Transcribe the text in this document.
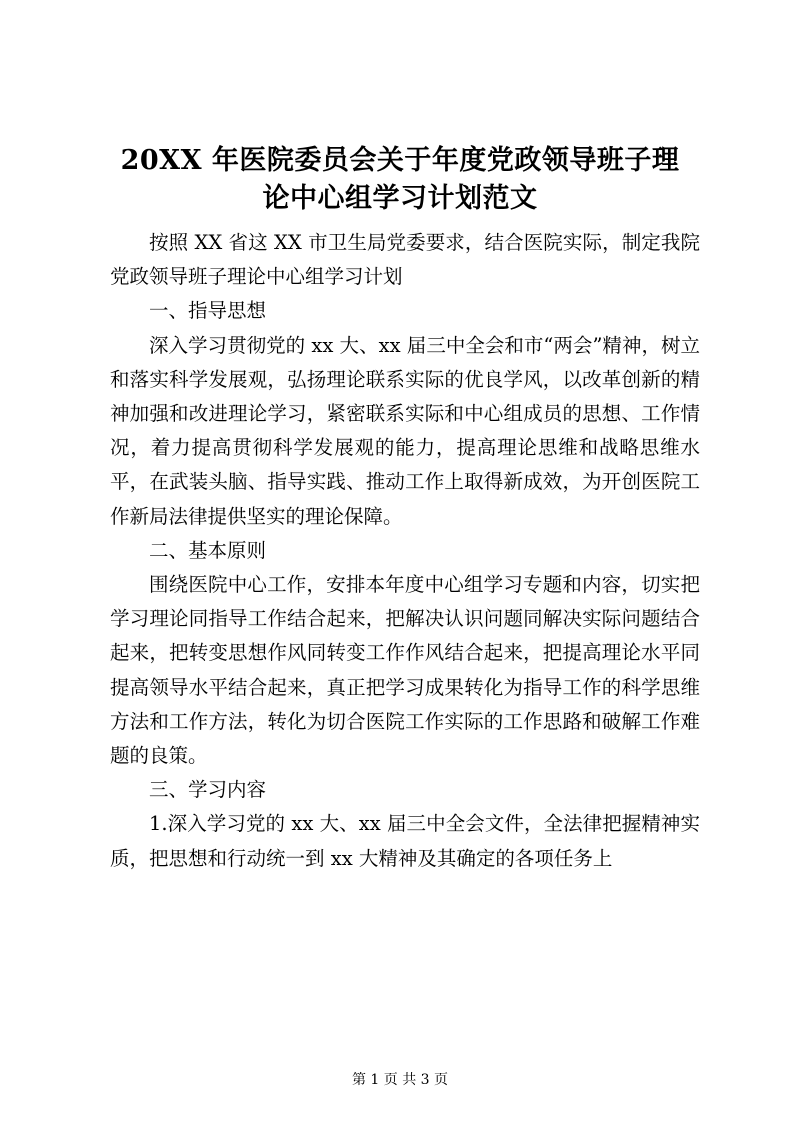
20XX 年医院委员会关于年度党政领导班子理
论中心组学习计划范文

按照 XX 省这 XX 市卫生局党委要求，结合医院实际，制定我院党政领导班子理论中心组学习计划

一、指导思想

深入学习贯彻党的 xx 大、xx 届三中全会和市“两会”精神，树立和落实科学发展观，弘扬理论联系实际的优良学风，以改革创新的精神加强和改进理论学习，紧密联系实际和中心组成员的思想、工作情况，着力提高贯彻科学发展观的能力，提高理论思维和战略思维水平，在武装头脑、指导实践、推动工作上取得新成效，为开创医院工作新局法律提供坚实的理论保障。

二、基本原则

围绕医院中心工作，安排本年度中心组学习专题和内容，切实把学习理论同指导工作结合起来，把解决认识问题同解决实际问题结合起来，把转变思想作风同转变工作作风结合起来，把提高理论水平同提高领导水平结合起来，真正把学习成果转化为指导工作的科学思维方法和工作方法，转化为切合医院工作实际的工作思路和破解工作难题的良策。

三、学习内容

1.深入学习党的 xx 大、xx 届三中全会文件，全法律把握精神实质，把思想和行动统一到 xx 大精神及其确定的各项任务上

第 1 页 共 3 页
